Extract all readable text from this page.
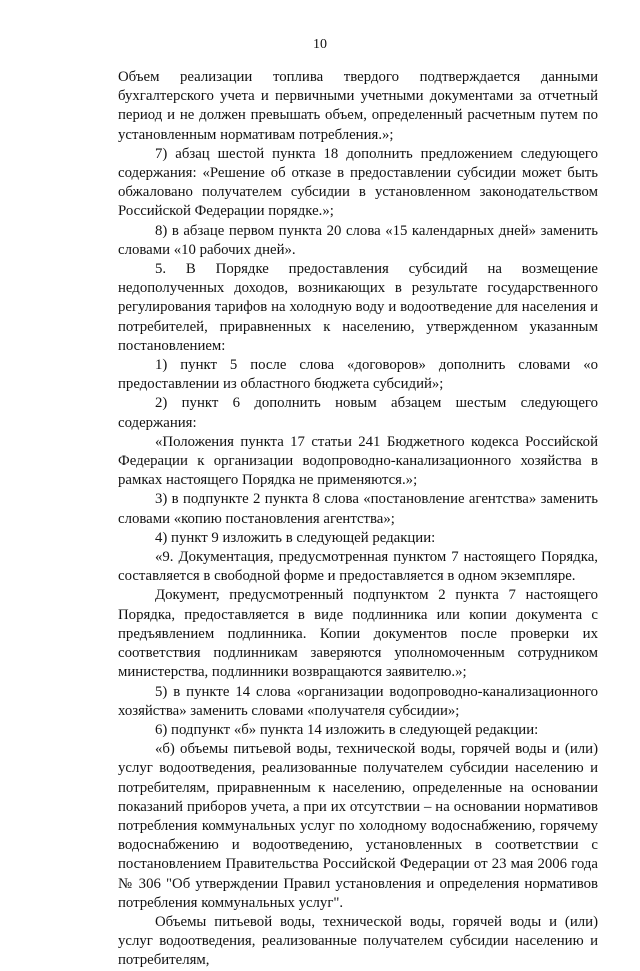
10

Объем реализации топлива твердого подтверждается данными бухгалтерского учета и первичными учетными документами за отчетный период и не должен превышать объем, определенный расчетным путем по установленным нормативам потребления.»;

7) абзац шестой пункта 18 дополнить предложением следующего содержания: «Решение об отказе в предоставлении субсидии может быть обжаловано получателем субсидии в установленном законодательством Российской Федерации порядке.»;

8) в абзаце первом пункта 20 слова «15 календарных дней» заменить словами «10 рабочих дней».

5. В Порядке предоставления субсидий на возмещение недополученных доходов, возникающих в результате государственного регулирования тарифов на холодную воду и водоотведение для населения и потребителей, приравненных к населению, утвержденном указанным постановлением:

1) пункт 5 после слова «договоров» дополнить словами «о предоставлении из областного бюджета субсидий»;

2) пункт 6 дополнить новым абзацем шестым следующего содержания:

«Положения пункта 17 статьи 241 Бюджетного кодекса Российской Федерации к организации водопроводно-канализационного хозяйства в рамках настоящего Порядка не применяются.»;

3) в подпункте 2 пункта 8 слова «постановление агентства» заменить словами «копию постановления агентства»;

4) пункт 9 изложить в следующей редакции:

«9. Документация, предусмотренная пунктом 7 настоящего Порядка, составляется в свободной форме и предоставляется в одном экземпляре.

Документ, предусмотренный подпунктом 2 пункта 7 настоящего Порядка, предоставляется в виде подлинника или копии документа с предъявлением подлинника. Копии документов после проверки их соответствия подлинникам заверяются уполномоченным сотрудником министерства, подлинники возвращаются заявителю.»;

5) в пункте 14 слова «организации водопроводно-канализационного хозяйства» заменить словами «получателя субсидии»;

6) подпункт «б» пункта 14 изложить в следующей редакции:

«б) объемы питьевой воды, технической воды, горячей воды и (или) услуг водоотведения, реализованные получателем субсидии населению и потребителям, приравненным к населению, определенные на основании показаний приборов учета, а при их отсутствии – на основании нормативов потребления коммунальных услуг по холодному водоснабжению, горячему водоснабжению и водоотведению, установленных в соответствии с постановлением Правительства Российской Федерации от 23 мая 2006 года № 306 "Об утверждении Правил установления и определения нормативов потребления коммунальных услуг".

Объемы питьевой воды, технической воды, горячей воды и (или) услуг водоотведения, реализованные получателем субсидии населению и потребителям,
